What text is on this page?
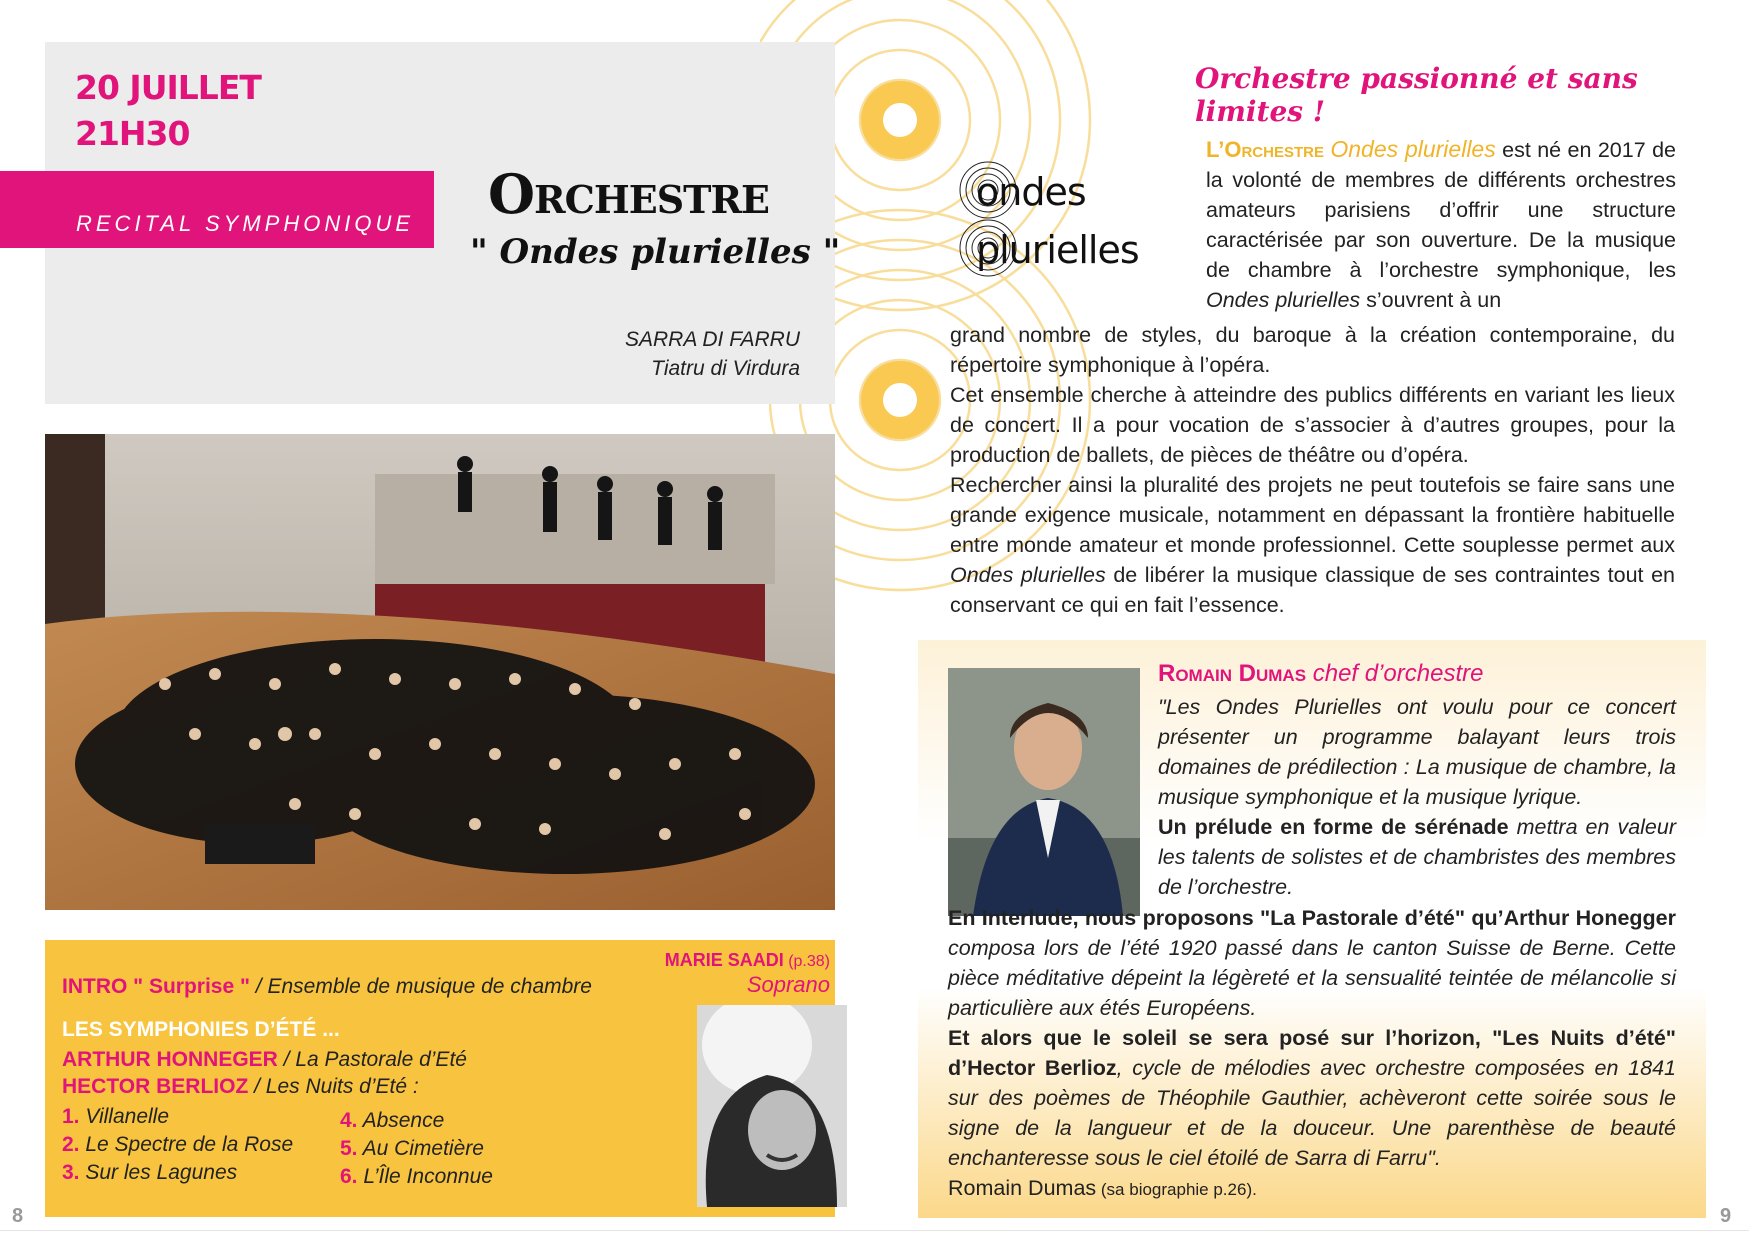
20 JUILLET
21H30
RECITAL SYMPHONIQUE Orchestre
" Ondes plurielles "
SARRA DI FARRU
Tiatru di Virdura
INTRO " Surprise " / Ensemble de musique de chambre
LES SYMPHONIES D’ÉTÉ ...
ARTHUR HONNEGER / La Pastorale d’Eté
HECTOR BERLIOZ / Les Nuits d’Eté :
1. Villanelle
2. Le Spectre de la Rose
3. Sur les Lagunes
4. Absence
5. Au Cimetière
6. L’Île Inconnue
MARIE SAADI (p.38)
Soprano
Orchestre passionné et sans limites !
ondes
plurielles
L’Orchestre Ondes plurielles est né en 2017 de la volonté de membres de différents orchestres amateurs parisiens d’offrir une structure caractérisée par son ouverture. De la musique de chambre à l’orchestre symphonique, les Ondes plurielles s’ouvrent à un
grand nombre de styles, du baroque à la création contemporaine, du répertoire symphonique à l’opéra.
Cet ensemble cherche à atteindre des publics différents en variant les lieux de concert. Il a pour vocation de s’associer à d’autres groupes, pour la production de ballets, de pièces de théâtre ou d’opéra.
Rechercher ainsi la pluralité des projets ne peut toutefois se faire sans une grande exigence musicale, notamment en dépassant la frontière habituelle entre monde amateur et monde professionnel. Cette souplesse permet aux Ondes plurielles de libérer la musique classique de ses contraintes tout en conservant ce qui en fait l’essence.
Romain Dumas chef d’orchestre
"Les Ondes Plurielles ont voulu pour ce concert présenter un programme balayant leurs trois domaines de prédilection : La musique de chambre, la musique symphonique et la musique lyrique.
Un prélude en forme de sérénade mettra en valeur les talents de solistes et de chambristes des membres de l’orchestre.
En Interlude, nous proposons "La Pastorale d’été" qu’Arthur Honegger composa lors de l’été 1920 passé dans le canton Suisse de Berne. Cette pièce méditative dépeint la légèreté et la sensualité teintée de mélancolie si particulière aux étés Européens.
Et alors que le soleil se sera posé sur l’horizon, "Les Nuits d’été" d’Hector Berlioz, cycle de mélodies avec orchestre composées en 1841 sur des poèmes de Théophile Gauthier, achèveront cette soirée sous le signe de la langueur et de la douceur. Une parenthèse de beauté enchanteresse sous le ciel étoilé de Sarra di Farru".
Romain Dumas (sa biographie p.26).
8	9
